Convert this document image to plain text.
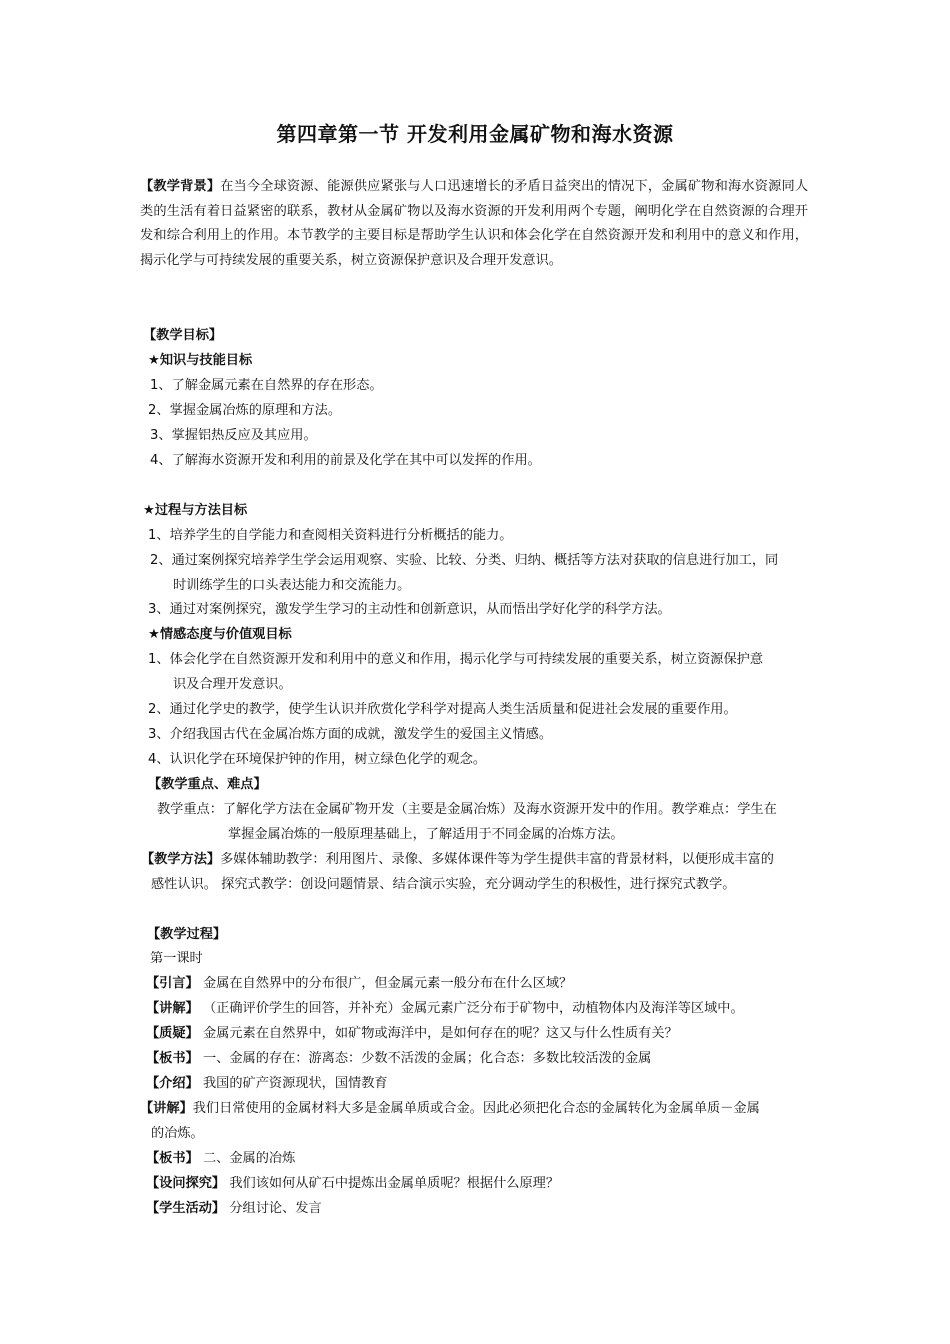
第四章第一节 开发利用金属矿物和海水资源
【教学背景】在当今全球资源、能源供应紧张与人口迅速增长的矛盾日益突出的情况下，金属矿物和海水资源同人类的生活有着日益紧密的联系，教材从金属矿物以及海水资源的开发利用两个专题，阐明化学在自然资源的合理开发和综合利用上的作用。本节教学的主要目标是帮助学生认识和体会化学在自然资源开发和利用中的意义和作用，揭示化学与可持续发展的重要关系，树立资源保护意识及合理开发意识。
【教学目标】
★知识与技能目标
1、了解金属元素在自然界的存在形态。
2、掌握金属冶炼的原理和方法。
3、掌握铝热反应及其应用。
4、了解海水资源开发和利用的前景及化学在其中可以发挥的作用。
★过程与方法目标
1、培养学生的自学能力和查阅相关资料进行分析概括的能力。
2、通过案例探究培养学生学会运用观察、实验、比较、分类、归纳、概括等方法对获取的信息进行加工，同
时训练学生的口头表达能力和交流能力。
3、通过对案例探究，激发学生学习的主动性和创新意识，从而悟出学好化学的科学方法。
★情感态度与价值观目标
1、体会化学在自然资源开发和利用中的意义和作用，揭示化学与可持续发展的重要关系，树立资源保护意
识及合理开发意识。
2、通过化学史的教学，使学生认识并欣赏化学科学对提高人类生活质量和促进社会发展的重要作用。
3、介绍我国古代在金属冶炼方面的成就，激发学生的爱国主义情感。
4、认识化学在环境保护钟的作用，树立绿色化学的观念。
【教学重点、难点】
教学重点：了解化学方法在金属矿物开发（主要是金属冶炼）及海水资源开发中的作用。教学难点：学生在
掌握金属冶炼的一般原理基础上，了解适用于不同金属的冶炼方法。
【教学方法】多媒体辅助教学：利用图片、录像、多媒体课件等为学生提供丰富的背景材料，以便形成丰富的
感性认识。 探究式教学：创设问题情景、结合演示实验，充分调动学生的积极性，进行探究式教学。
【教学过程】
第一课时
【引言】 金属在自然界中的分布很广，但金属元素一般分布在什么区域？
【讲解】 （正确评价学生的回答，并补充）金属元素广泛分布于矿物中，动植物体内及海洋等区域中。
【质疑】 金属元素在自然界中，如矿物或海洋中，是如何存在的呢？这又与什么性质有关？
【板书】 一、金属的存在：游离态：少数不活泼的金属；化合态：多数比较活泼的金属
【介绍】 我国的矿产资源现状，国情教育
【讲解】我们日常使用的金属材料大多是金属单质或合金。因此必须把化合态的金属转化为金属单质－金属
的冶炼。
【板书】 二、金属的冶炼
【设问探究】 我们该如何从矿石中提炼出金属单质呢？根据什么原理？
【学生活动】 分组讨论、发言
